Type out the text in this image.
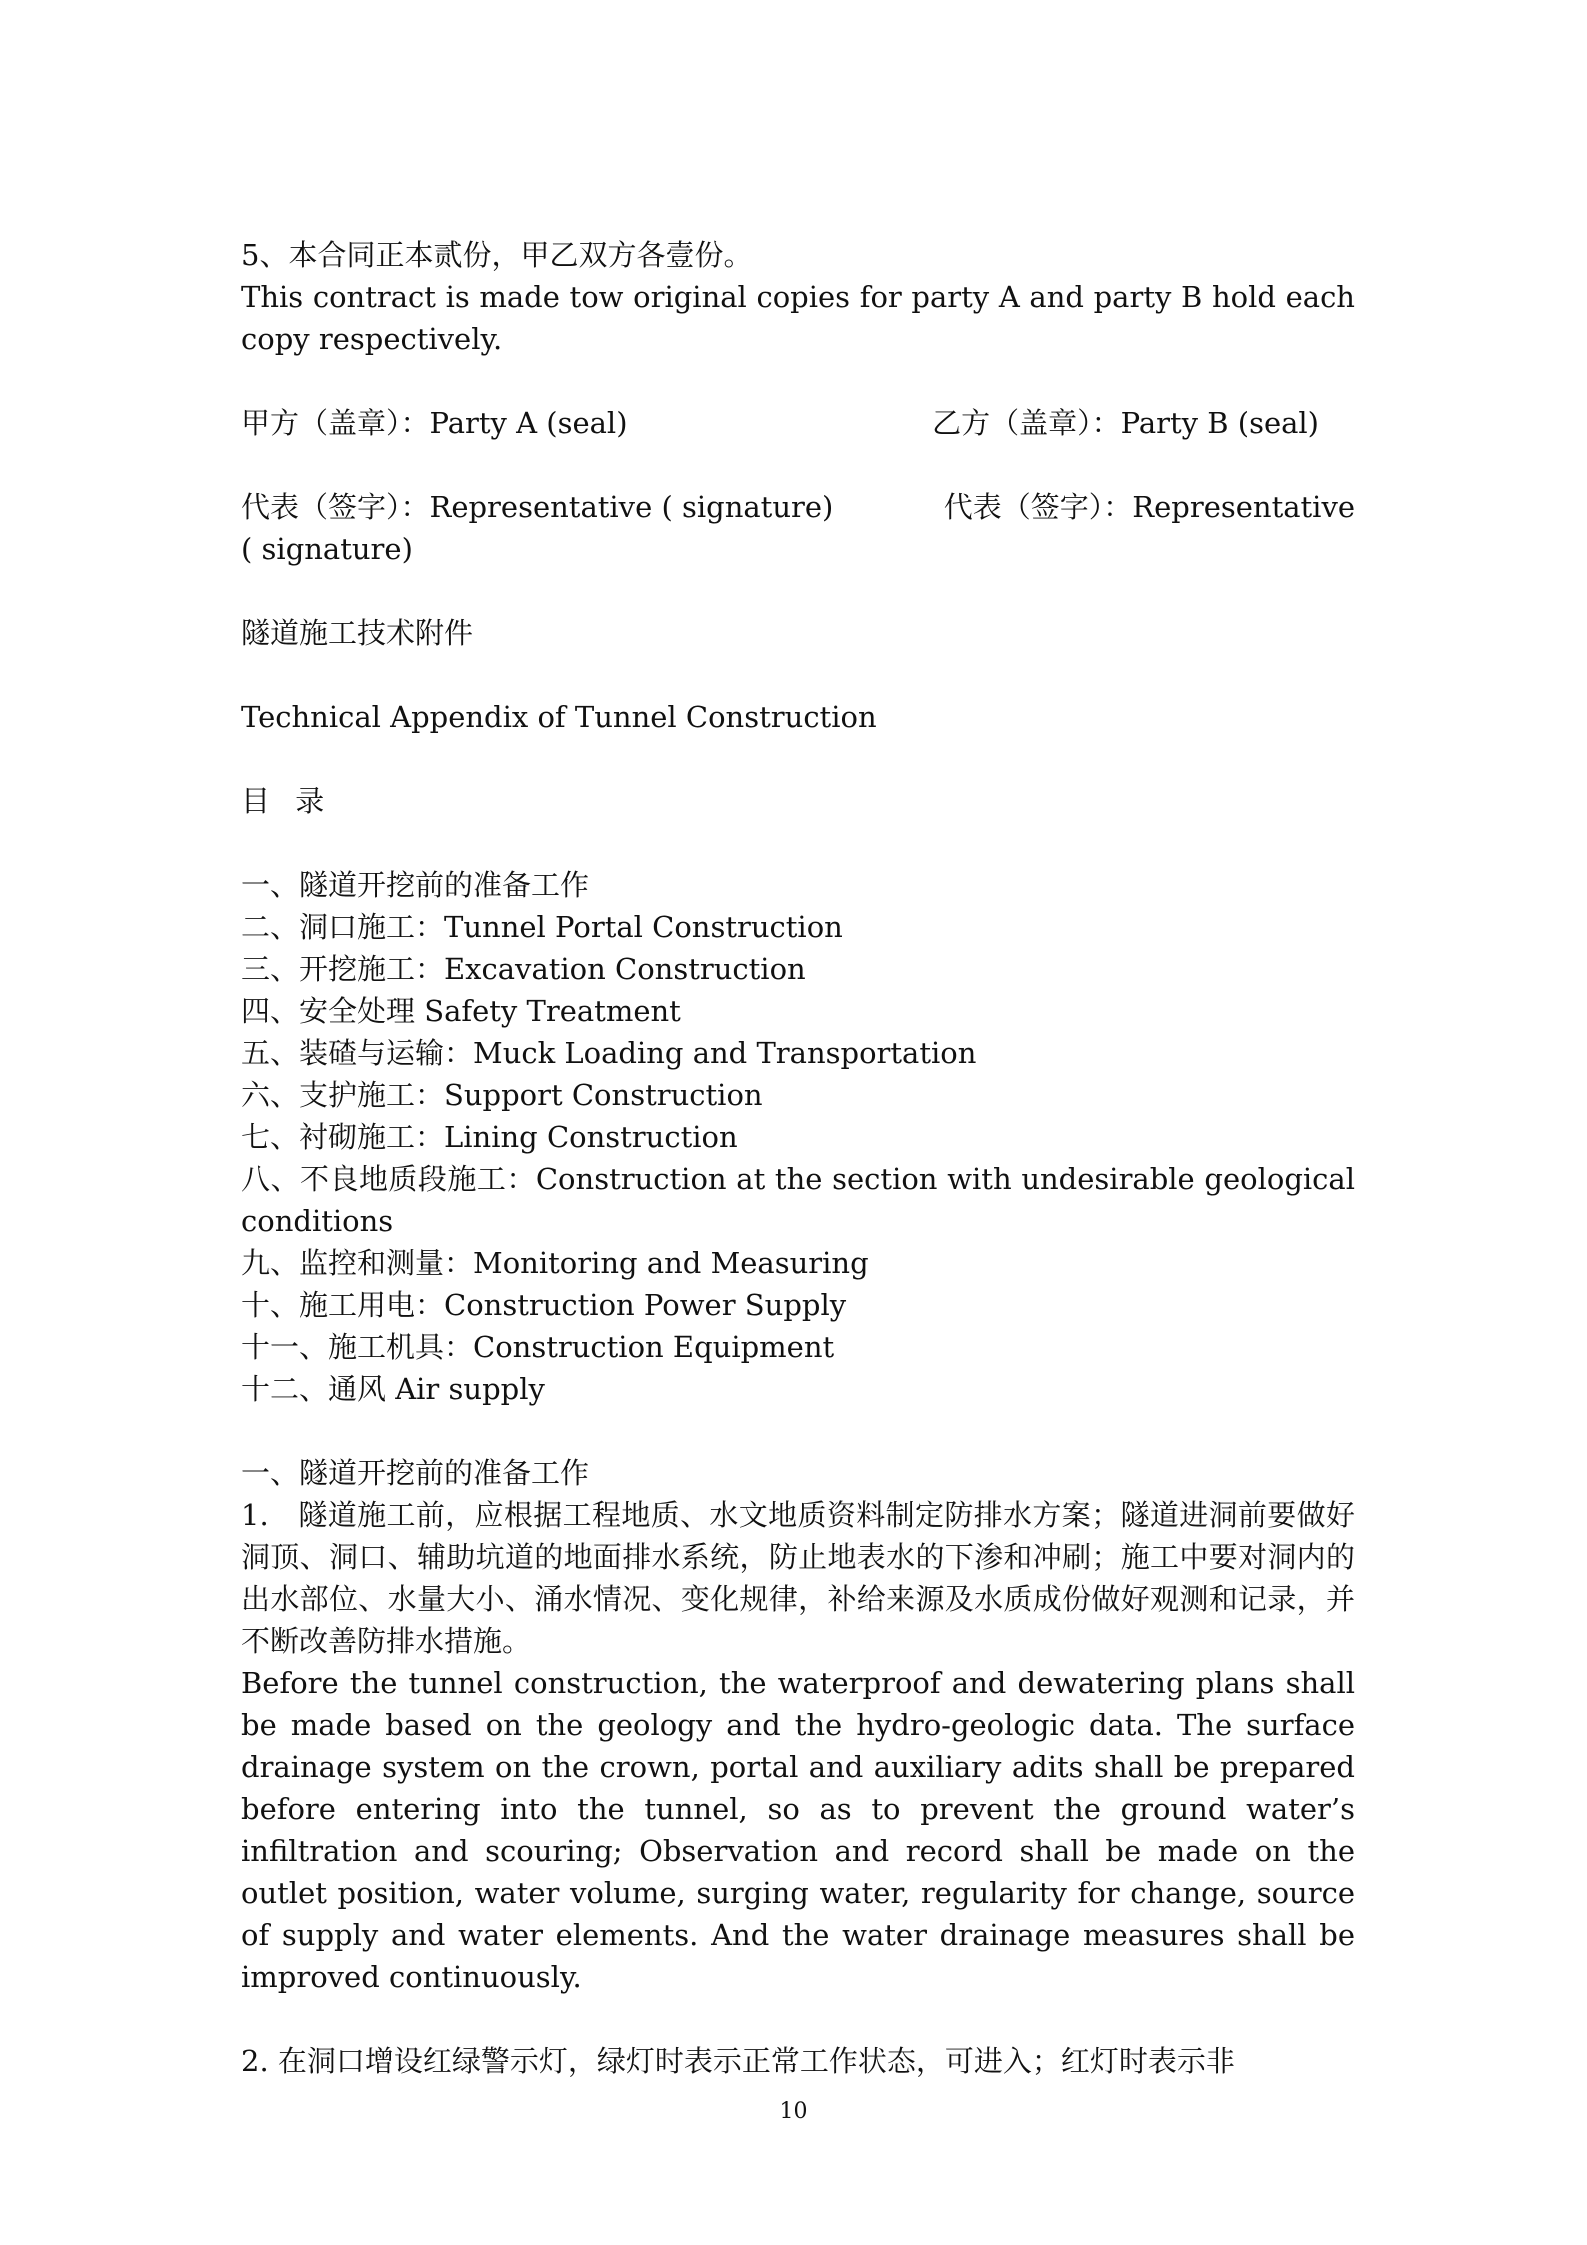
5、本合同正本贰份，甲乙双方各壹份。

This contract is made tow original copies for party A and party B hold each copy respectively.

甲方（盖章）：Party A (seal)	乙方（盖章）：Party B (seal)
代表（签字）：Representative ( signature)	代表（签字）：Representative

( signature)

隧道施工技术附件

Technical Appendix of Tunnel Construction

目 录

一、隧道开挖前的准备工作

二、洞口施工：Tunnel Portal Construction

三、开挖施工：Excavation Construction

四、安全处理 Safety Treatment

五、装碴与运输：Muck Loading and Transportation

六、支护施工：Support Construction

七、衬砌施工：Lining Construction

八、不良地质段施工：Construction at the section with undesirable geological

conditions

九、监控和测量：Monitoring and Measuring

十、施工用电：Construction Power Supply

十一、施工机具：Construction Equipment

十二、通风 Air supply

一、隧道开挖前的准备工作

1.　隧道施工前，应根据工程地质、水文地质资料制定防排水方案；隧道进洞前要做好洞顶、洞口、辅助坑道的地面排水系统，防止地表水的下渗和冲刷；施工中要对洞内的出水部位、水量大小、涌水情况、变化规律，补给来源及水质成份做好观测和记录，并不断改善防排水措施。

Before the tunnel construction, the waterproof and dewatering plans shall be made based on the geology and the hydro-geologic data. The surface drainage system on the crown, portal and auxiliary adits shall be prepared before entering into the tunnel, so as to prevent the ground water’s infiltration and scouring; Observation and record shall be made on the outlet position, water volume, surging water, regularity for change, source of supply and water elements. And the water drainage measures shall be improved continuously.

2. 在洞口增设红绿警示灯，绿灯时表示正常工作状态，可进入；红灯时表示非

10
